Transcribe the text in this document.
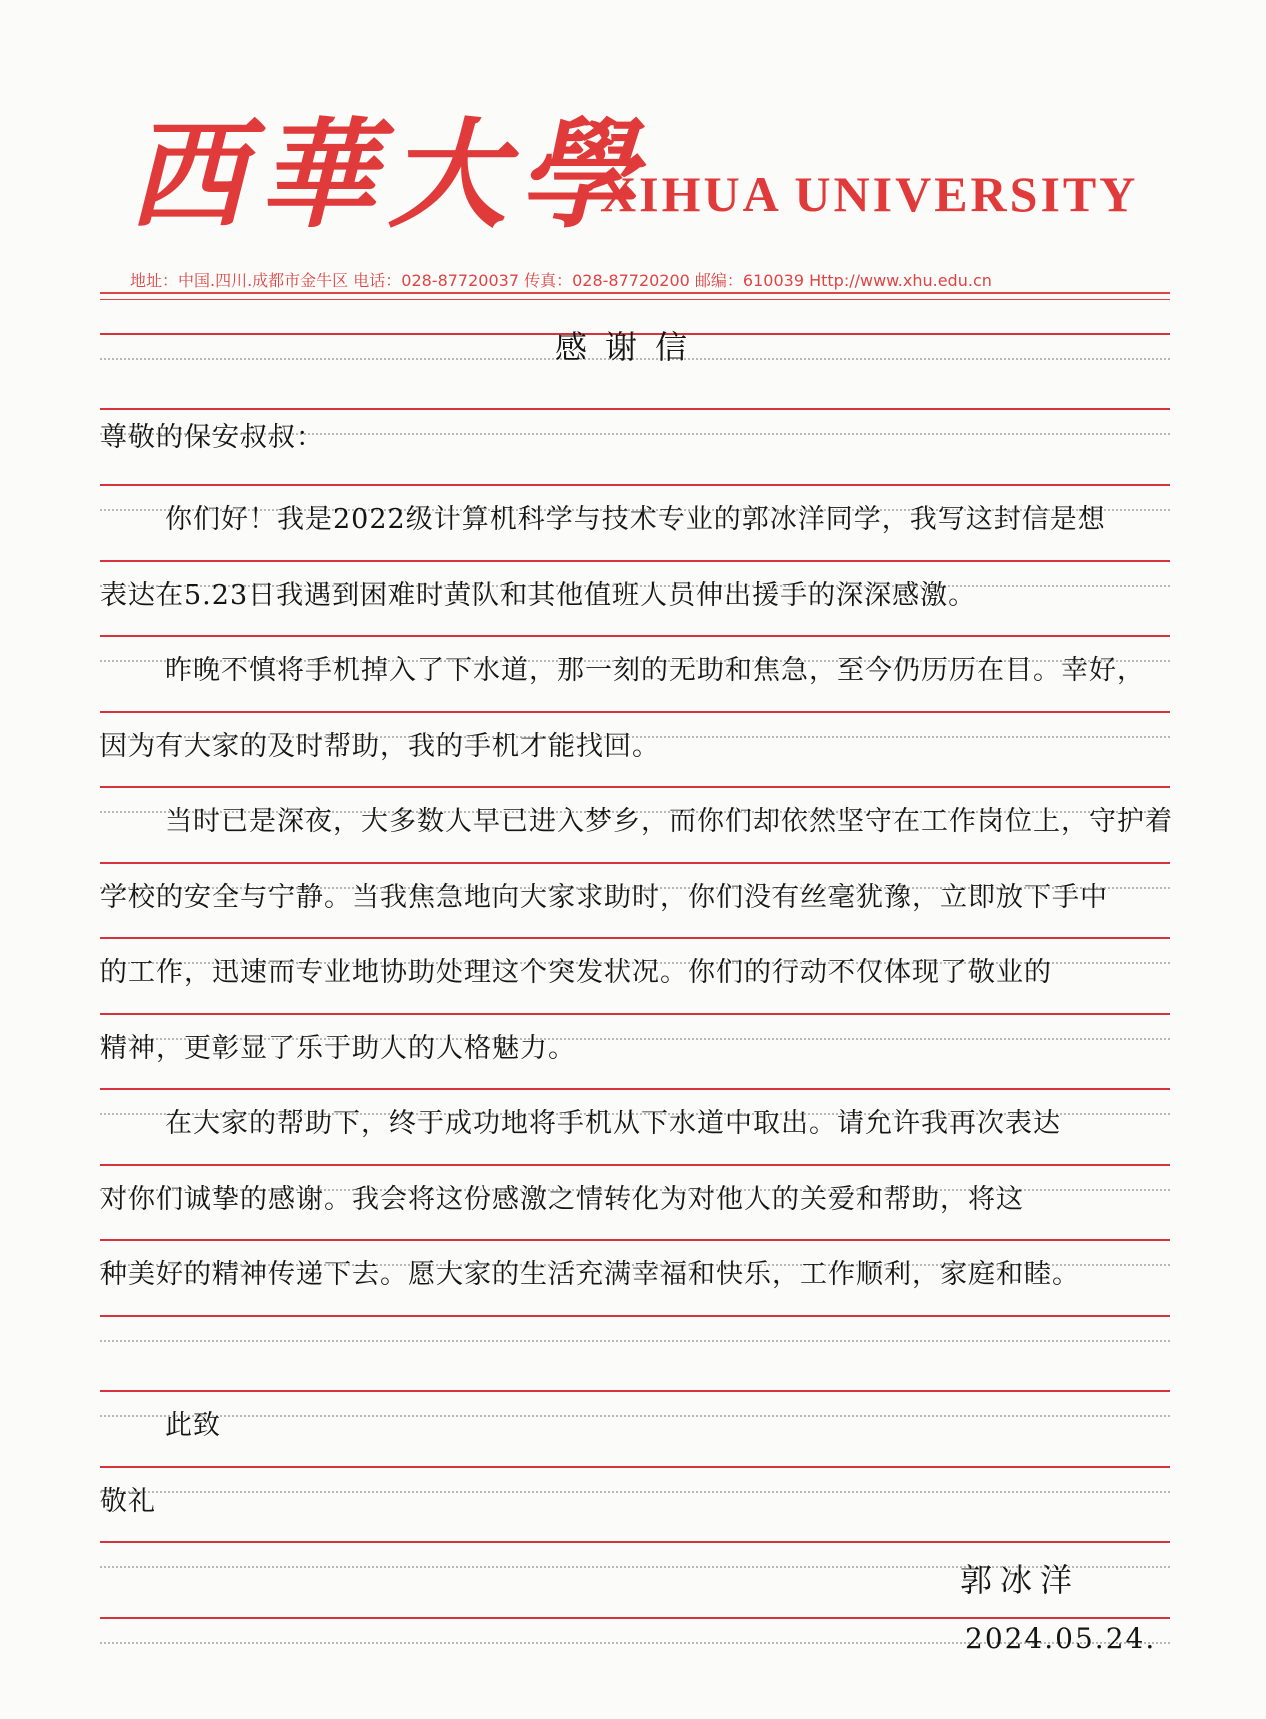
西華大學
XIHUA UNIVERSITY
地址：中国.四川.成都市金牛区 电话：028-87720037 传真：028-87720200 邮编：610039 Http://www.xhu.edu.cn
感谢信
尊敬的保安叔叔：
你们好！我是2022级计算机科学与技术专业的郭冰洋同学，我写这封信是想
表达在5.23日我遇到困难时黄队和其他值班人员伸出援手的深深感激。
昨晚不慎将手机掉入了下水道，那一刻的无助和焦急，至今仍历历在目。幸好，
因为有大家的及时帮助，我的手机才能找回。
当时已是深夜，大多数人早已进入梦乡，而你们却依然坚守在工作岗位上，守护着
学校的安全与宁静。当我焦急地向大家求助时，你们没有丝毫犹豫，立即放下手中
的工作，迅速而专业地协助处理这个突发状况。你们的行动不仅体现了敬业的
精神，更彰显了乐于助人的人格魅力。
在大家的帮助下，终于成功地将手机从下水道中取出。请允许我再次表达
对你们诚挚的感谢。我会将这份感激之情转化为对他人的关爱和帮助，将这
种美好的精神传递下去。愿大家的生活充满幸福和快乐，工作顺利，家庭和睦。
此致
敬礼
郭冰洋
2024.05.24.
